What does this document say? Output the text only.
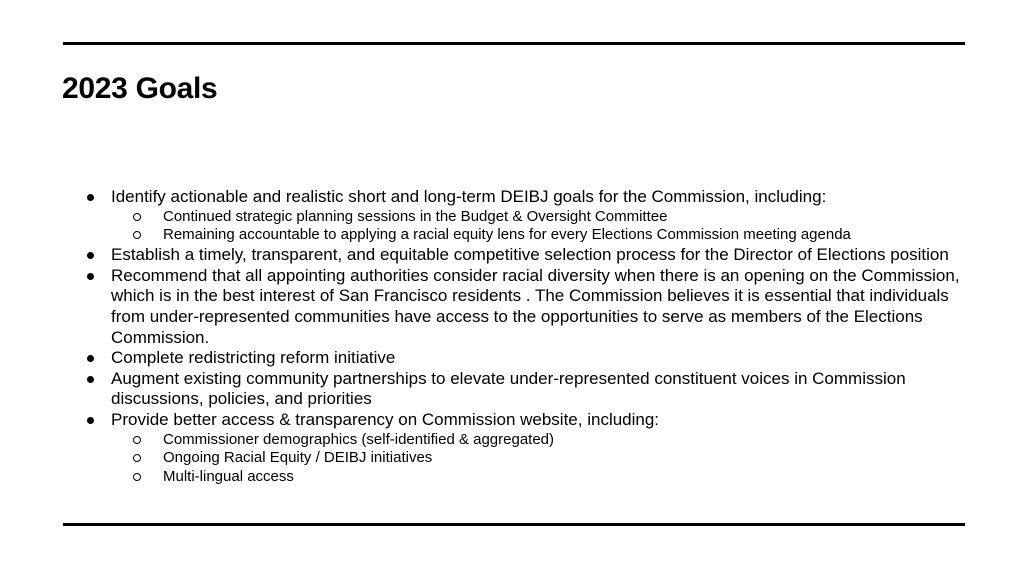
2023 Goals
Identify actionable and realistic short and long-term DEIBJ goals for the Commission, including:
Continued strategic planning sessions in the Budget & Oversight Committee
Remaining accountable to applying a racial equity lens for every Elections Commission meeting agenda
Establish a timely, transparent, and equitable competitive selection process for the Director of Elections position
Recommend that all appointing authorities consider racial diversity when there is an opening on the Commission, which is in the best interest of San Francisco residents . The Commission believes it is essential that individuals from under-represented communities have access to the opportunities to serve as members of the Elections Commission.
Complete redistricting reform initiative
Augment existing community partnerships to elevate under-represented constituent voices in Commission discussions, policies, and priorities
Provide better access & transparency on Commission website, including:
Commissioner demographics (self-identified & aggregated)
Ongoing Racial Equity / DEIBJ initiatives
Multi-lingual access
